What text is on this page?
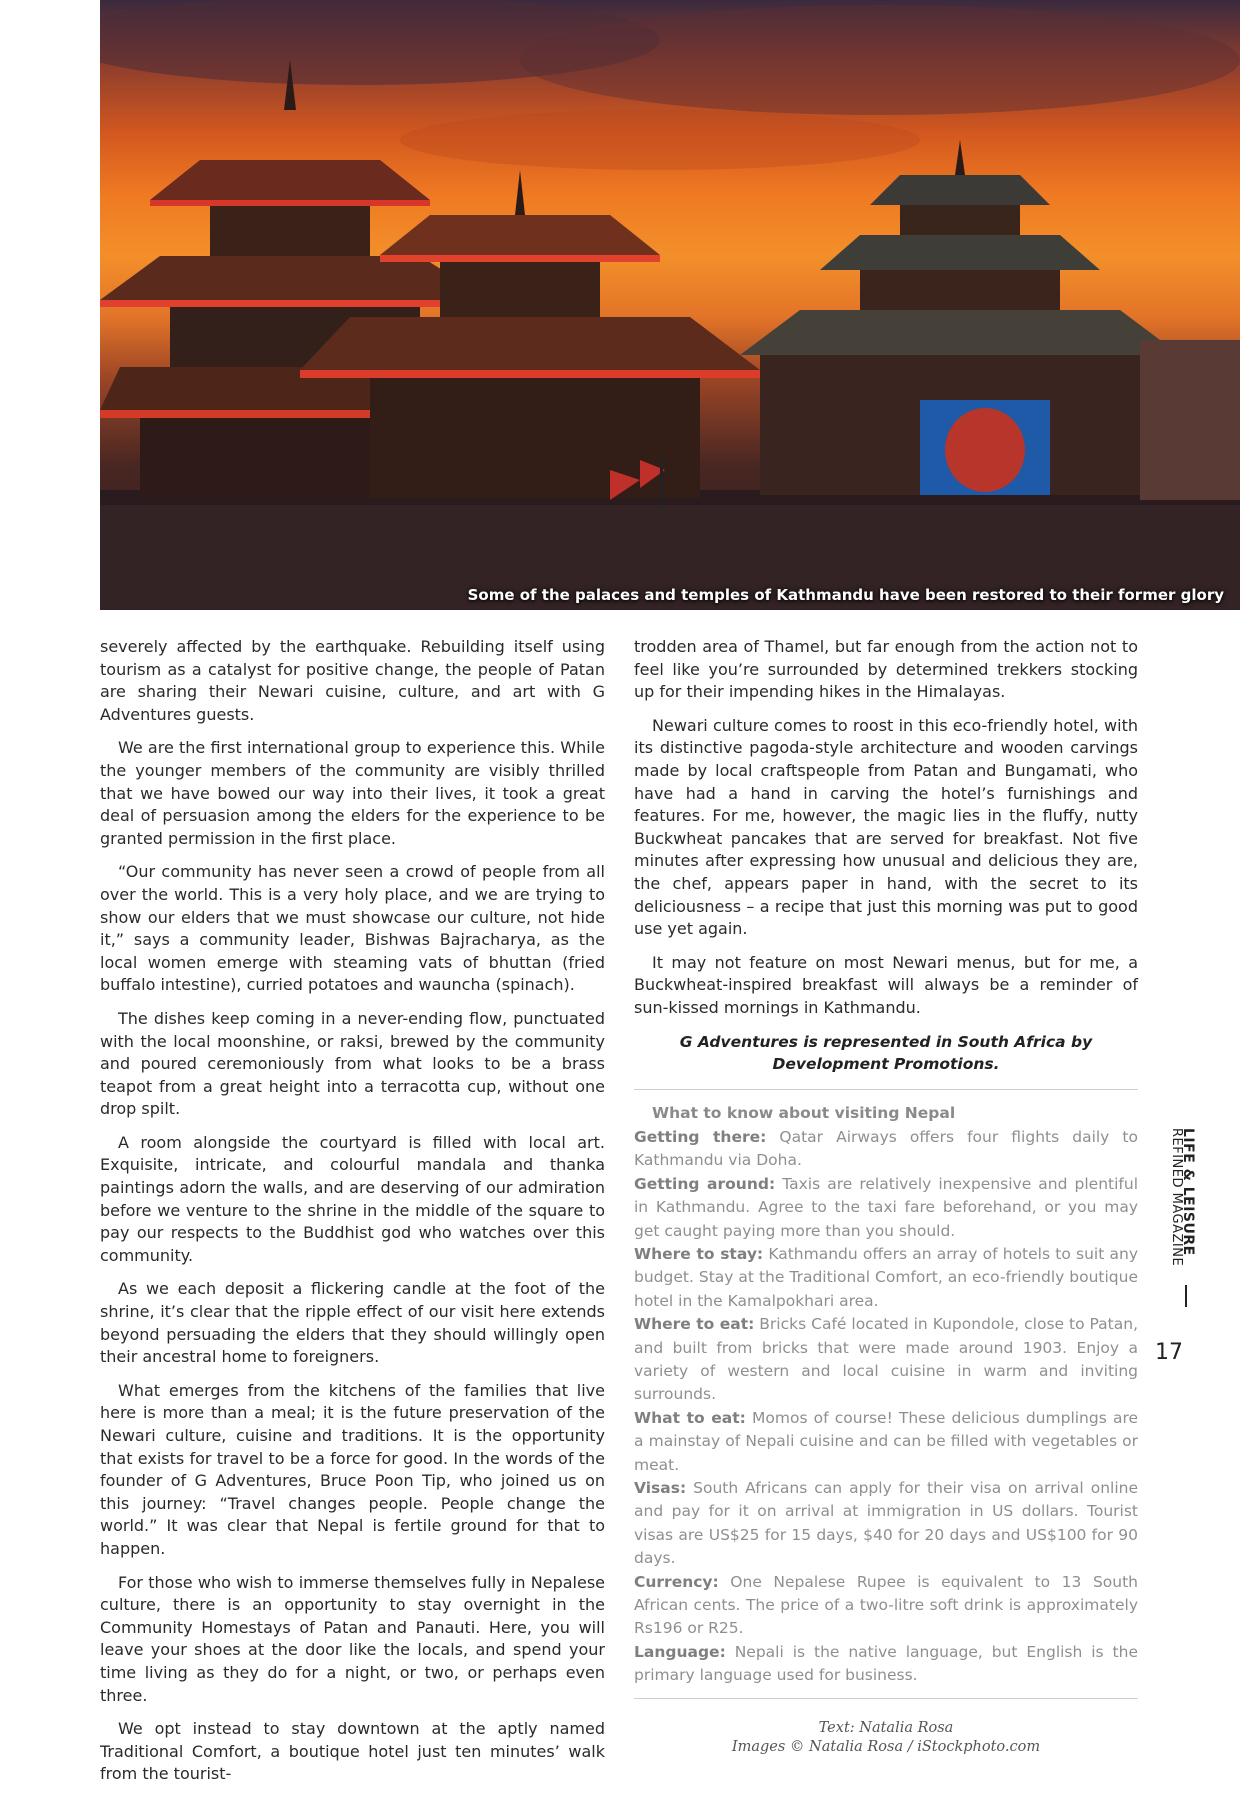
Some of the palaces and temples of Kathmandu have been restored to their former glory

severely affected by the earthquake. Rebuilding itself using tourism as a catalyst for positive change, the people of Patan are sharing their Newari cuisine, culture, and art with G Adventures guests.

We are the first international group to experience this. While the younger members of the community are visibly thrilled that we have bowed our way into their lives, it took a great deal of persuasion among the elders for the experience to be granted permission in the first place.

“Our community has never seen a crowd of people from all over the world. This is a very holy place, and we are trying to show our elders that we must showcase our culture, not hide it,” says a community leader, Bishwas Bajracharya, as the local women emerge with steaming vats of bhuttan (fried buffalo intestine), curried potatoes and wauncha (spinach).

The dishes keep coming in a never-ending flow, punctuated with the local moonshine, or raksi, brewed by the community and poured ceremoniously from what looks to be a brass teapot from a great height into a terracotta cup, without one drop spilt.

A room alongside the courtyard is filled with local art. Exquisite, intricate, and colourful mandala and thanka paintings adorn the walls, and are deserving of our admiration before we venture to the shrine in the middle of the square to pay our respects to the Buddhist god who watches over this community.

As we each deposit a flickering candle at the foot of the shrine, it’s clear that the ripple effect of our visit here extends beyond persuading the elders that they should willingly open their ancestral home to foreigners.

What emerges from the kitchens of the families that live here is more than a meal; it is the future preservation of the Newari culture, cuisine and traditions. It is the opportunity that exists for travel to be a force for good. In the words of the founder of G Adventures, Bruce Poon Tip, who joined us on this journey: “Travel changes people. People change the world.” It was clear that Nepal is fertile ground for that to happen.

For those who wish to immerse themselves fully in Nepalese culture, there is an opportunity to stay overnight in the Community Homestays of Patan and Panauti. Here, you will leave your shoes at the door like the locals, and spend your time living as they do for a night, or two, or perhaps even three.

We opt instead to stay downtown at the aptly named Traditional Comfort, a boutique hotel just ten minutes’ walk from the tourist-

trodden area of Thamel, but far enough from the action not to feel like you’re surrounded by determined trekkers stocking up for their impending hikes in the Himalayas.

Newari culture comes to roost in this eco-friendly hotel, with its distinctive pagoda-style architecture and wooden carvings made by local craftspeople from Patan and Bungamati, who have had a hand in carving the hotel’s furnishings and features. For me, however, the magic lies in the fluffy, nutty Buckwheat pancakes that are served for breakfast. Not five minutes after expressing how unusual and delicious they are, the chef, appears paper in hand, with the secret to its deliciousness – a recipe that just this morning was put to good use yet again.

It may not feature on most Newari menus, but for me, a Buckwheat-inspired breakfast will always be a reminder of sun-kissed mornings in Kathmandu.

G Adventures is represented in South Africa by
Development Promotions.

What to know about visiting Nepal

Getting there: Qatar Airways offers four flights daily to Kathmandu via Doha.

Getting around: Taxis are relatively inexpensive and plentiful in Kathmandu. Agree to the taxi fare beforehand, or you may get caught paying more than you should.

Where to stay: Kathmandu offers an array of hotels to suit any budget. Stay at the Traditional Comfort, an eco-friendly boutique hotel in the Kamalpokhari area.

Where to eat: Bricks Café located in Kupondole, close to Patan, and built from bricks that were made around 1903. Enjoy a variety of western and local cuisine in warm and inviting surrounds.

What to eat: Momos of course! These delicious dumplings are a mainstay of Nepali cuisine and can be filled with vegetables or meat.

Visas: South Africans can apply for their visa on arrival online and pay for it on arrival at immigration in US dollars. Tourist visas are US$25 for 15 days, $40 for 20 days and US$100 for 90 days.

Currency: One Nepalese Rupee is equivalent to 13 South African cents. The price of a two-litre soft drink is approximately Rs196 or R25.

Language: Nepali is the native language, but English is the primary language used for business.

Text: Natalia Rosa
Images © Natalia Rosa / iStockphoto.com
LIFE & LEISURE
REFINED MAGAZINE
17
